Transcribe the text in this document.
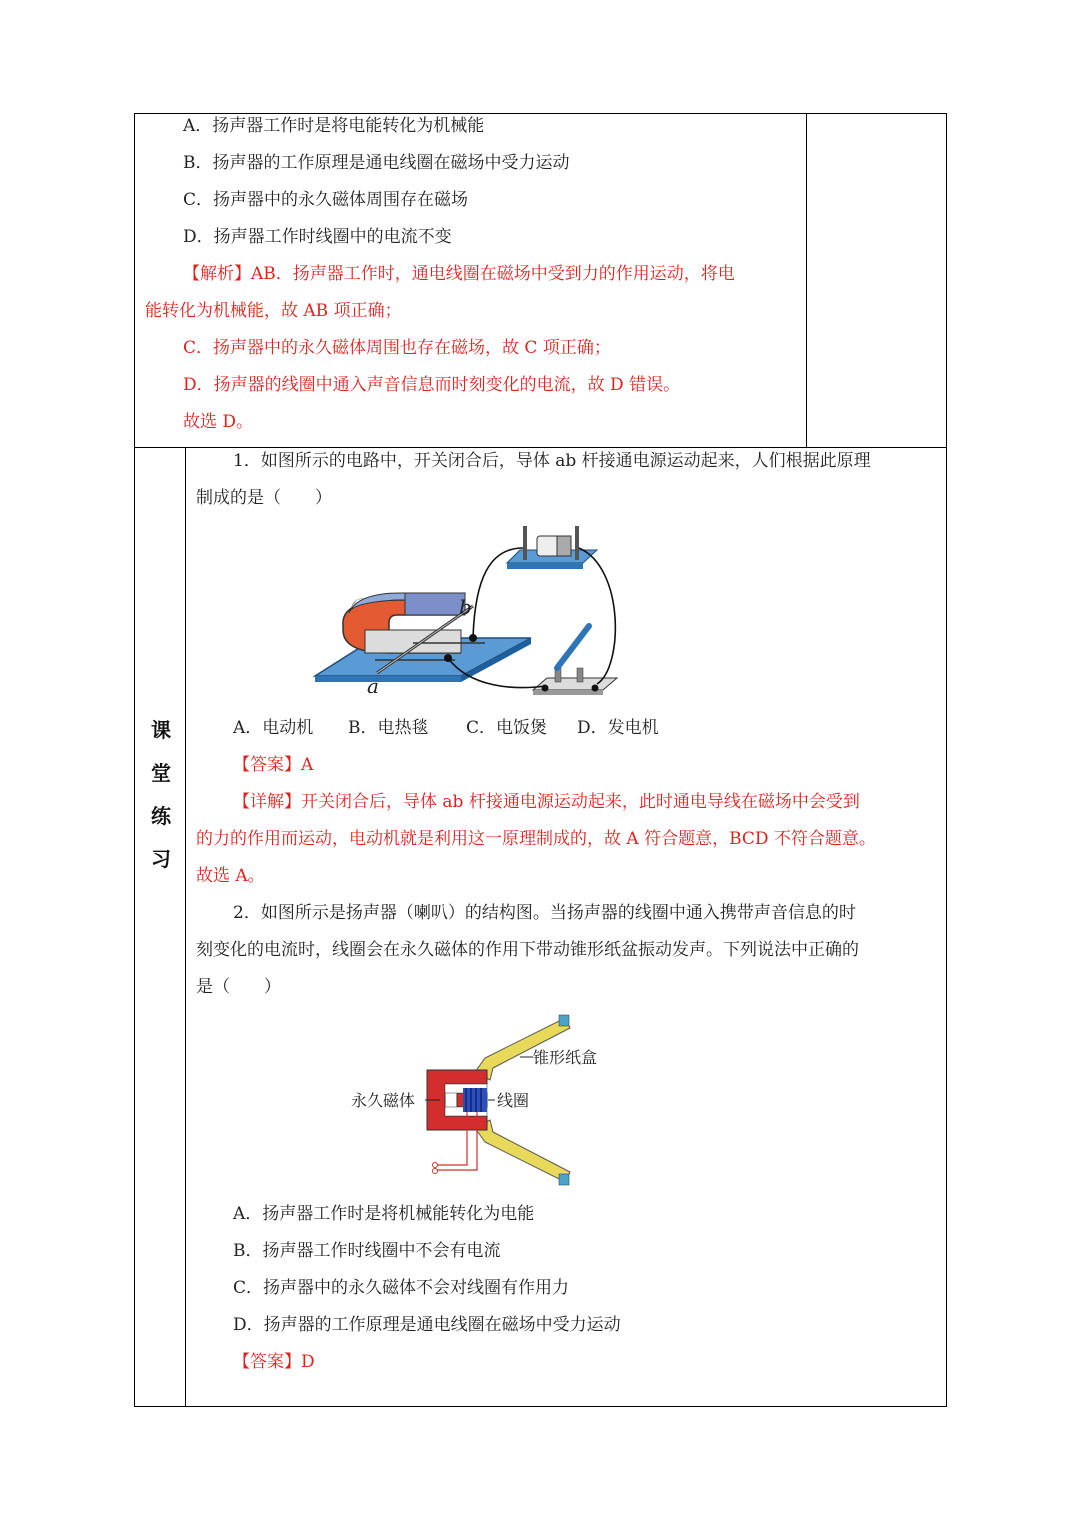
A．扬声器工作时是将电能转化为机械能
B．扬声器的工作原理是通电线圈在磁场中受力运动
C．扬声器中的永久磁体周围存在磁场
D．扬声器工作时线圈中的电流不变
【解析】AB．扬声器工作时，通电线圈在磁场中受到力的作用运动，将电
能转化为机械能，故 AB 项正确；
C．扬声器中的永久磁体周围也存在磁场，故 C 项正确；
D．扬声器的线圈中通入声音信息而时刻变化的电流，故 D 错误。
故选 D。
课
堂
练
习
1．如图所示的电路中，开关闭合后，导体 ab 杆接通电源运动起来，人们根据此原理
制成的是（　　）
b
a
A．电动机 B．电热毯 C．电饭煲 D．发电机
【答案】A
【详解】开关闭合后，导体 ab 杆接通电源运动起来，此时通电导线在磁场中会受到
的力的作用而运动，电动机就是利用这一原理制成的，故 A 符合题意，BCD 不符合题意。
故选 A。
2．如图所示是扬声器（喇叭）的结构图。当扬声器的线圈中通入携带声音信息的时
刻变化的电流时，线圈会在永久磁体的作用下带动锥形纸盆振动发声。下列说法中正确的
是（　　）
锥形纸盒
永久磁体	线圈
A．扬声器工作时是将机械能转化为电能
B．扬声器工作时线圈中不会有电流
C．扬声器中的永久磁体不会对线圈有作用力
D．扬声器的工作原理是通电线圈在磁场中受力运动
【答案】D
